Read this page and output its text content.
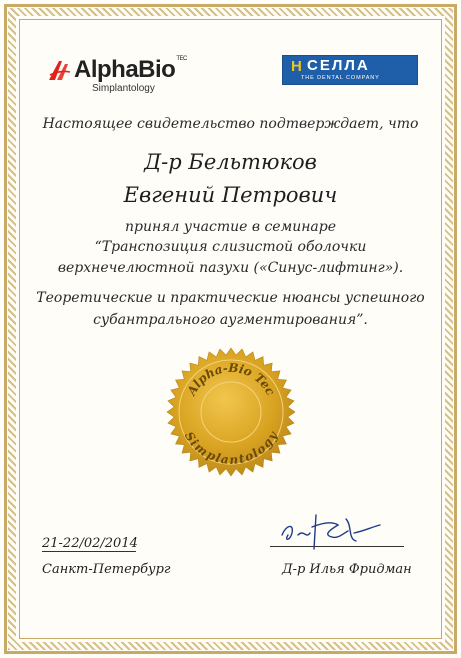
AlphaBio$^{TEC}$
Simplantology
H СЕЛЛА
THE DENTAL COMPANY
Настоящее свидетельство подтверждает, что
Д-р Бельтюков
Евгений Петрович
принял участие в семинаре
“Транспозиция слизистой оболочки
верхнечелюстной пазухи («Синус-лифтинг»).
Теоретические и практические нюансы успешного
субантрального аугментирования”.
Alpha-Bio Tec
Simplantology
21-22/02/2014
Санкт-Петербург	Д-р Илья Фридман
